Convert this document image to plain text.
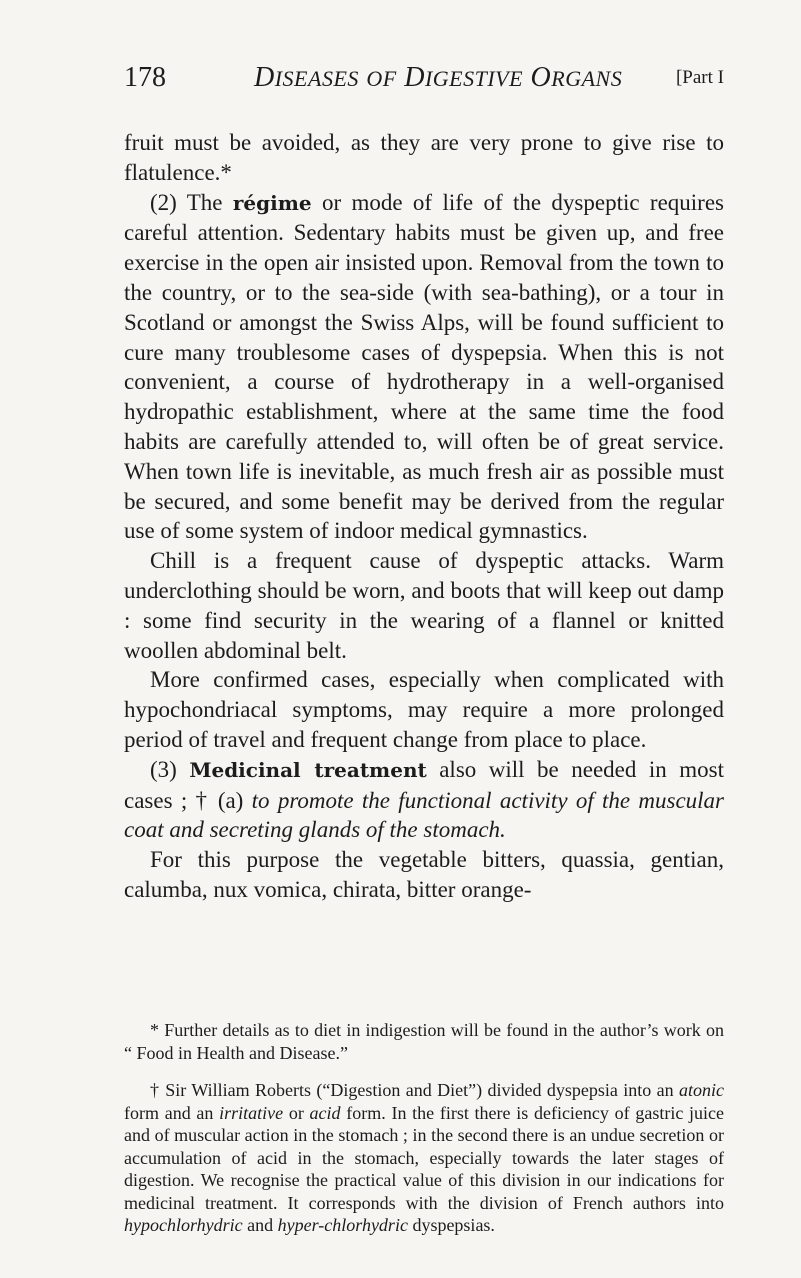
178	DISEASES OF DIGESTIVE ORGANS	[Part I

fruit must be avoided, as they are very prone to give rise to flatulence.*

(2) The régime or mode of life of the dyspeptic requires careful attention. Sedentary habits must be given up, and free exercise in the open air insisted upon. Removal from the town to the country, or to the sea-side (with sea-bathing), or a tour in Scotland or amongst the Swiss Alps, will be found sufficient to cure many troublesome cases of dyspepsia. When this is not convenient, a course of hydrotherapy in a well-organised hydropathic establishment, where at the same time the food habits are carefully attended to, will often be of great service. When town life is inevitable, as much fresh air as possible must be secured, and some benefit may be derived from the regular use of some system of indoor medical gymnastics.

Chill is a frequent cause of dyspeptic attacks. Warm underclothing should be worn, and boots that will keep out damp : some find security in the wearing of a flannel or knitted woollen abdominal belt.

More confirmed cases, especially when complicated with hypochondriacal symptoms, may require a more prolonged period of travel and frequent change from place to place.

(3) Medicinal treatment also will be needed in most cases ; † (a) to promote the functional activity of the muscular coat and secreting glands of the stomach.

For this purpose the vegetable bitters, quassia, gentian, calumba, nux vomica, chirata, bitter orange-

* Further details as to diet in indigestion will be found in the author’s work on “ Food in Health and Disease.”

† Sir William Roberts (“Digestion and Diet”) divided dyspepsia into an atonic form and an irritative or acid form. In the first there is deficiency of gastric juice and of muscular action in the stomach ; in the second there is an undue secretion or accumulation of acid in the stomach, especially towards the later stages of digestion. We recognise the practical value of this division in our indications for medicinal treatment. It corresponds with the division of French authors into hypochlorhydric and hyper-chlorhydric dyspepsias.
